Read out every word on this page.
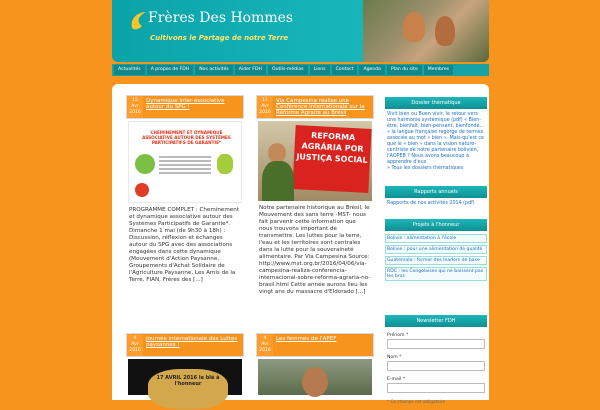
Frères Des Hommes
Cultivons le Partage de notre Terre
Actualités	A propos de FDH	Nos activités	Aider FDH	Outils-médias	Liens	Contact	Agenda	Plan du site	Membres
15
Avr
2016
Dynamique inter-associative autour du SPG !
CHEMINEMENT ET DYNAMIQUE ASSOCIATIVE AUTOUR DES SYSTÈMES PARTICIPATIFS DE GARANTIE*
PROGRAMME COMPLET : Cheminement et dynamique associative autour des Systèmes Participatifs de Garantie*. Dimanche 1 mai (de 9h30 à 18h) : Discussion, réflexion et échanges autour du SPG avec des associations engagées dans cette dynamique (Mouvement d'Action Paysanne, Groupements d'Achat Solidaire de l'Agriculture Paysanne, Les Amis de la Terre, FIAN, Frères des [...]
11
Avr
2016
Via Campesina réalise une Conférence Internationale sur la Réforme Agraire au Brésil
REFORMA AGRÁRIA POR JUSTIÇA SOCIAL
Notre partenaire historique au Brésil, le Mouvement des sans terre -MST- nous fait parvenir cette information que nous trouvons important de transmettre. Les luttes pour la terre, l'eau et les territoires sont centrales dans la lutte pour la souveraineté alimentaire. Par Via Campesina Source: http://www.mst.org.br/2016/04/06/via-campesina-realiza-conferencia-internacional-sobre-reforma-agraria-no-brasil.html Cette année aurons lieu les vingt ans du massacre d'Eldorado [...]
4
Avr
2016
Journée internationale des Luttes paysannes !
17 AVRIL 2016 le blé à l'honneur
4
Avr
2016
Les femmes de l'APEF
Dossier thématique
Vivit bien ou Buen vivir, le retour vers une harmonie systémique (pdf) « Bien-être, bienfait, bien-pensant, bienfonde... » la langue française regorge de termes associés au mot « bien ». Mais qu'est ce que le « bien » dans la vision nature-centriste de notre partenaire bolivien, l'AOPEB ? Nous avons beaucoup à apprendre d'eux
» Tous les dossiers thématiques
Rapports annuels
Rapports de nos activités 2014 (pdf)
Projets à l'honneur
Bolivie : alimentation à l'école
Bolivie : pour une alimentation de qualité
Guatemala : former des leaders de base
RDC : les Congolaises qui ne baissent pas les bras
Newsletter FDH
Prénom *
Nom *
E-mail *
* Ce champs est obligatoire
